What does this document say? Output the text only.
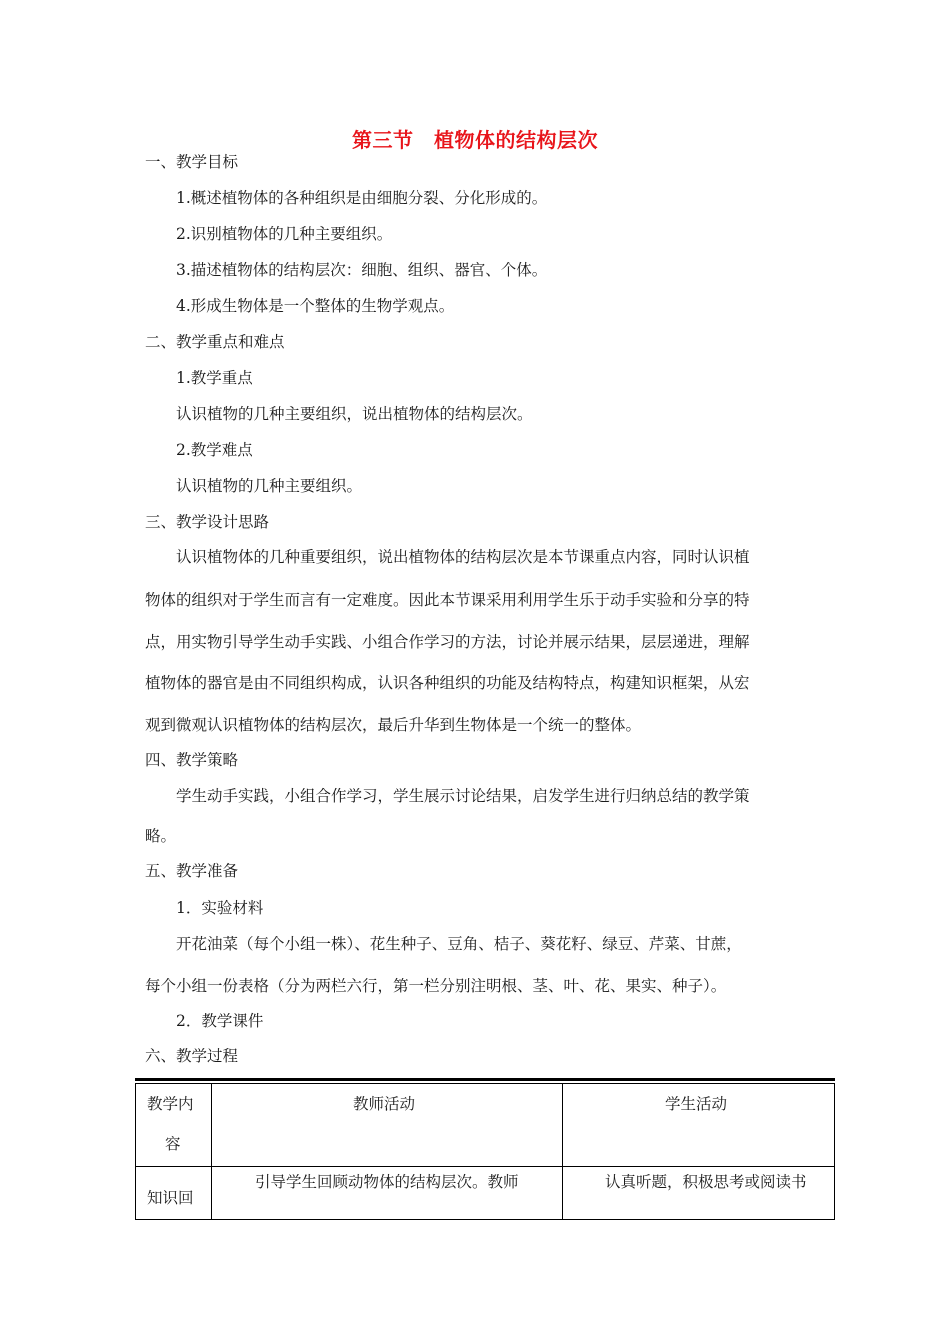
第三节　植物体的结构层次
一、教学目标
1.概述植物体的各种组织是由细胞分裂、分化形成的。
2.识别植物体的几种主要组织。
3.描述植物体的结构层次：细胞、组织、器官、个体。
4.形成生物体是一个整体的生物学观点。
二、教学重点和难点
1.教学重点
认识植物的几种主要组织，说出植物体的结构层次。
2.教学难点
认识植物的几种主要组织。
三、教学设计思路
认识植物体的几种重要组织，说出植物体的结构层次是本节课重点内容，同时认识植
物体的组织对于学生而言有一定难度。因此本节课采用利用学生乐于动手实验和分享的特
点，用实物引导学生动手实践、小组合作学习的方法，讨论并展示结果，层层递进，理解
植物体的器官是由不同组织构成，认识各种组织的功能及结构特点，构建知识框架，从宏
观到微观认识植物体的结构层次，最后升华到生物体是一个统一的整体。
四、教学策略
学生动手实践，小组合作学习，学生展示讨论结果，启发学生进行归纳总结的教学策
略。
五、教学准备
1．实验材料
开花油菜（每个小组一株）、花生种子、豆角、桔子、葵花籽、绿豆、芹菜、甘蔗，
每个小组一份表格（分为两栏六行，第一栏分别注明根、茎、叶、花、果实、种子）。
2．教学课件
六、教学过程
教学内
容
教师活动	学生活动
知识回
引导学生回顾动物体的结构层次。教师	认真听题，积极思考或阅读书
